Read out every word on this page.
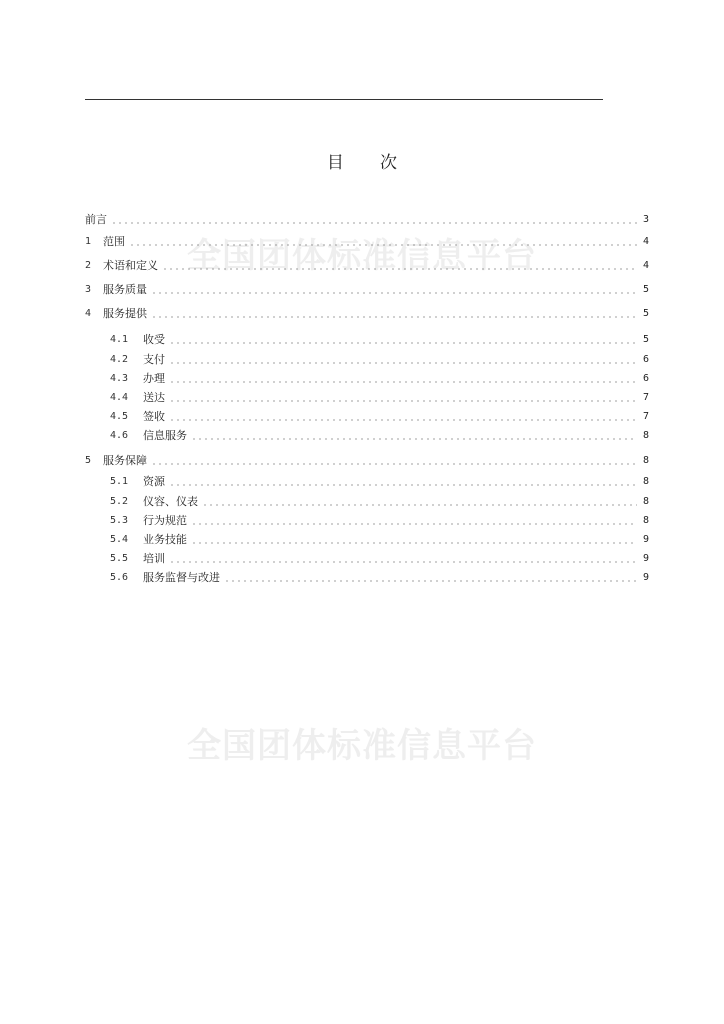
目 次
全国团体标准信息平台
全国团体标准信息平台
前言	3
1	范围	4
2	术语和定义	4
3	服务质量	5
4	服务提供	5
4.1	收受	5
4.2	支付	6
4.3	办理	6
4.4	送达	7
4.5	签收	7
4.6	信息服务	8
5	服务保障	8
5.1	资源	8
5.2	仪容、仪表	8
5.3	行为规范	8
5.4	业务技能	9
5.5	培训	9
5.6	服务监督与改进	9
